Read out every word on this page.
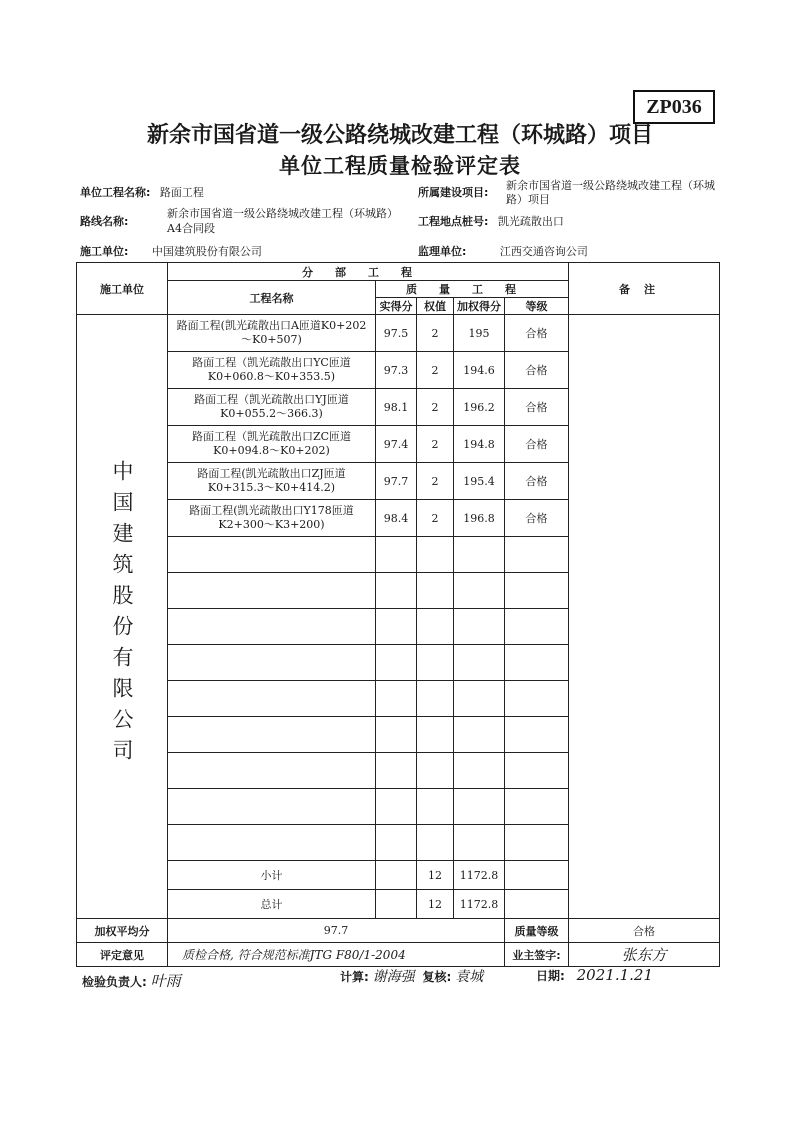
ZP036
新余市国省道一级公路绕城改建工程（环城路）项目
单位工程质量检验评定表
单位工程名称: 路面工程	所属建设项目:
新余市国省道一级公路绕城改建工程（环城路）项目
路线名称:
新余市国省道一级公路绕城改建工程（环城路）A4合同段
工程地点桩号: 凯光疏散出口
施工单位: 中国建筑股份有限公司	监理单位:	江西交通咨询公司
施工单位	分部工程					备注
	工程名称	质量工程				
		实得分	权值	加权得分	等级	
中国建筑股份有限公司	路面工程(凯光疏散出口A匝道K0+202～K0+507)	97.5	2	195	合格	
	路面工程（凯光疏散出口YC匝道K0+060.8～K0+353.5)	97.3	2	194.6	合格	
	路面工程（凯光疏散出口YJ匝道K0+055.2～366.3)	98.1	2	196.2	合格	
	路面工程（凯光疏散出口ZC匝道K0+094.8～K0+202)	97.4	2	194.8	合格	
	路面工程(凯光疏散出口ZJ匝道K0+315.3～K0+414.2)	97.7	2	195.4	合格	
	路面工程(凯光疏散出口Y178匝道K2+300～K3+200)	98.4	2	196.8	合格	

	小计		12	1172.8		
	总计		12	1172.8		
加权平均分	97.7				质量等级	合格
评定意见	质检合格, 符合规范标准JTG F80/1-2004				业主签字:	张东方
检验负责人: 叶雨	计算: 谢海强 复核: 袁城	日期: 2021.1.21
